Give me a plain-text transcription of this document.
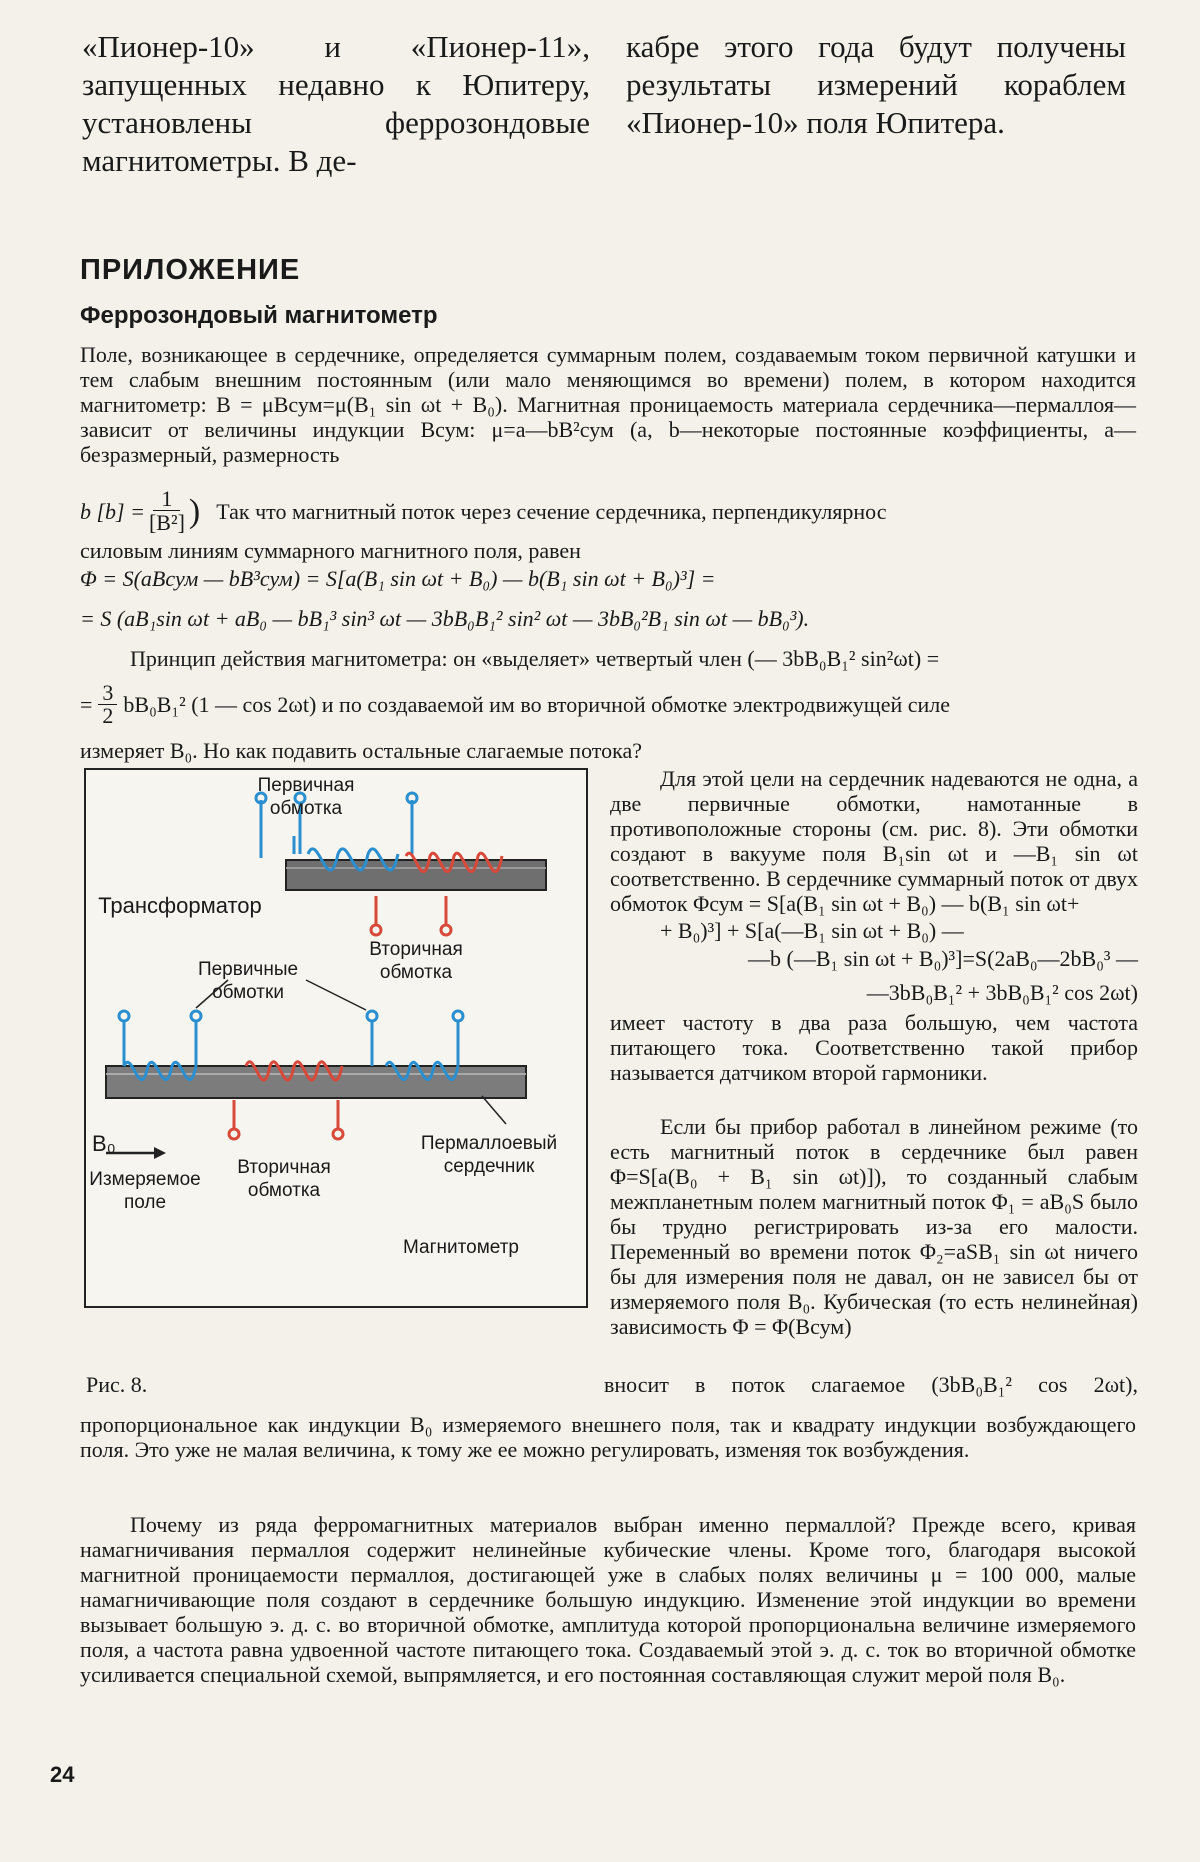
«Пионер-10» и «Пионер-11», запущенных недавно к Юпитеру, установлены феррозондовые магнитометры. В де-
кабре этого года будут получены результаты измерений кораблем «Пионер-10» поля Юпитера.
ПРИЛОЖЕНИЕ
Феррозондовый магнитометр
Поле, возникающее в сердечнике, определяется суммарным полем, создаваемым током первичной катушки и тем слабым внешним постоянным (или мало меняющимся во времени) полем, в котором находится магнитометр: B = μBсум=μ(B₁ sin ωt + B₀). Магнитная проницаемость материала сердечника—пермаллоя—зависит от величины индукции Bсум: μ=a—bB²сум (a, b—некоторые постоянные коэффициенты, a—безразмерный, размерность
b $[b] = \frac{1}{\text{[B²]}}$ ) Так что магнитный поток через сечение сердечника, перпендикулярнос
силовым линиям суммарного магнитного поля, равен
Φ = S(aBсум — bB³сум) = S[a(B₁ sin ωt + B₀) — b(B₁ sin ωt + B₀)³] =
= S (aB₁sin ωt + aB₀ — bB₁³ sin³ ωt — 3bB₀B₁² sin² ωt — 3bB₀²B₁ sin ωt — bB₀³).
Принцип действия магнитометра: он «выделяет» четвертый член (— 3bB₀B₁² sin²ωt) =
= $\frac{3}{2} bB_0B_1^2$ (1 — cos 2ωt) и по создаваемой им во вторичной обмотке электродвижущей силе
измеряет B₀. Но как подавить остальные слагаемые потока?
Для этой цели на сердечник надеваются не одна, а две первичные обмотки, намотанные в противоположные стороны (см. рис. 8). Эти обмотки создают в вакууме поля B₁sin ωt и —B₁ sin ωt соответственно. В сердечнике суммарный поток от двух обмоток Φсум = S[a(B₁ sin ωt + B₀) — b(B₁ sin ωt+
+ B₀)³] + S[a(—B₁ sin ωt + B₀) —
—b (—B₁ sin ωt + B₀)³]=S(2aB₀—2bB₀³ —
—3bB₀B₁² + 3bB₀B₁² cos 2ωt)
имеет частоту в два раза большую, чем частота питающего тока. Соответственно такой прибор называется датчиком второй гармоники.
Если бы прибор работал в линейном режиме (то есть магнитный поток в сердечнике был равен Φ=S[a(B₀ + B₁ sin ωt)]), то созданный слабым межпланетным полем магнитный поток Φ₁ = aB₀S было бы трудно регистрировать из-за его малости. Переменный во времени поток Φ₂=aSB₁ sin ωt ничего бы для измерения поля не давал, он не зависел бы от измеряемого поля B₀. Кубическая (то есть нелинейная) зависимость Φ = Φ(Bсум)
вносит в поток слагаемое (3bB₀B₁² cos 2ωt),
Первичная
обмотка
Трансформатор
Вторичная
обмотка
Первичные
обмотки
B₀
Измеряемое
поле
Вторичная
обмотка
Пермаллоевый
сердечник
Магнитометр
Рис. 8.
пропорциональное как индукции B₀ измеряемого внешнего поля, так и квадрату индукции возбуждающего поля. Это уже не малая величина, к тому же ее можно регулировать, изменяя ток возбуждения.
Почему из ряда ферромагнитных материалов выбран именно пермаллой? Прежде всего, кривая намагничивания пермаллоя содержит нелинейные кубические члены. Кроме того, благодаря высокой магнитной проницаемости пермаллоя, достигающей уже в слабых полях величины μ = 100 000, малые намагничивающие поля создают в сердечнике большую индукцию. Изменение этой индукции во времени вызывает большую э. д. с. во вторичной обмотке, амплитуда которой пропорциональна величине измеряемого поля, а частота равна удвоенной частоте питающего тока. Создаваемый этой э. д. с. ток во вторичной обмотке усиливается специальной схемой, выпрямляется, и его постоянная составляющая служит мерой поля B₀.
24
